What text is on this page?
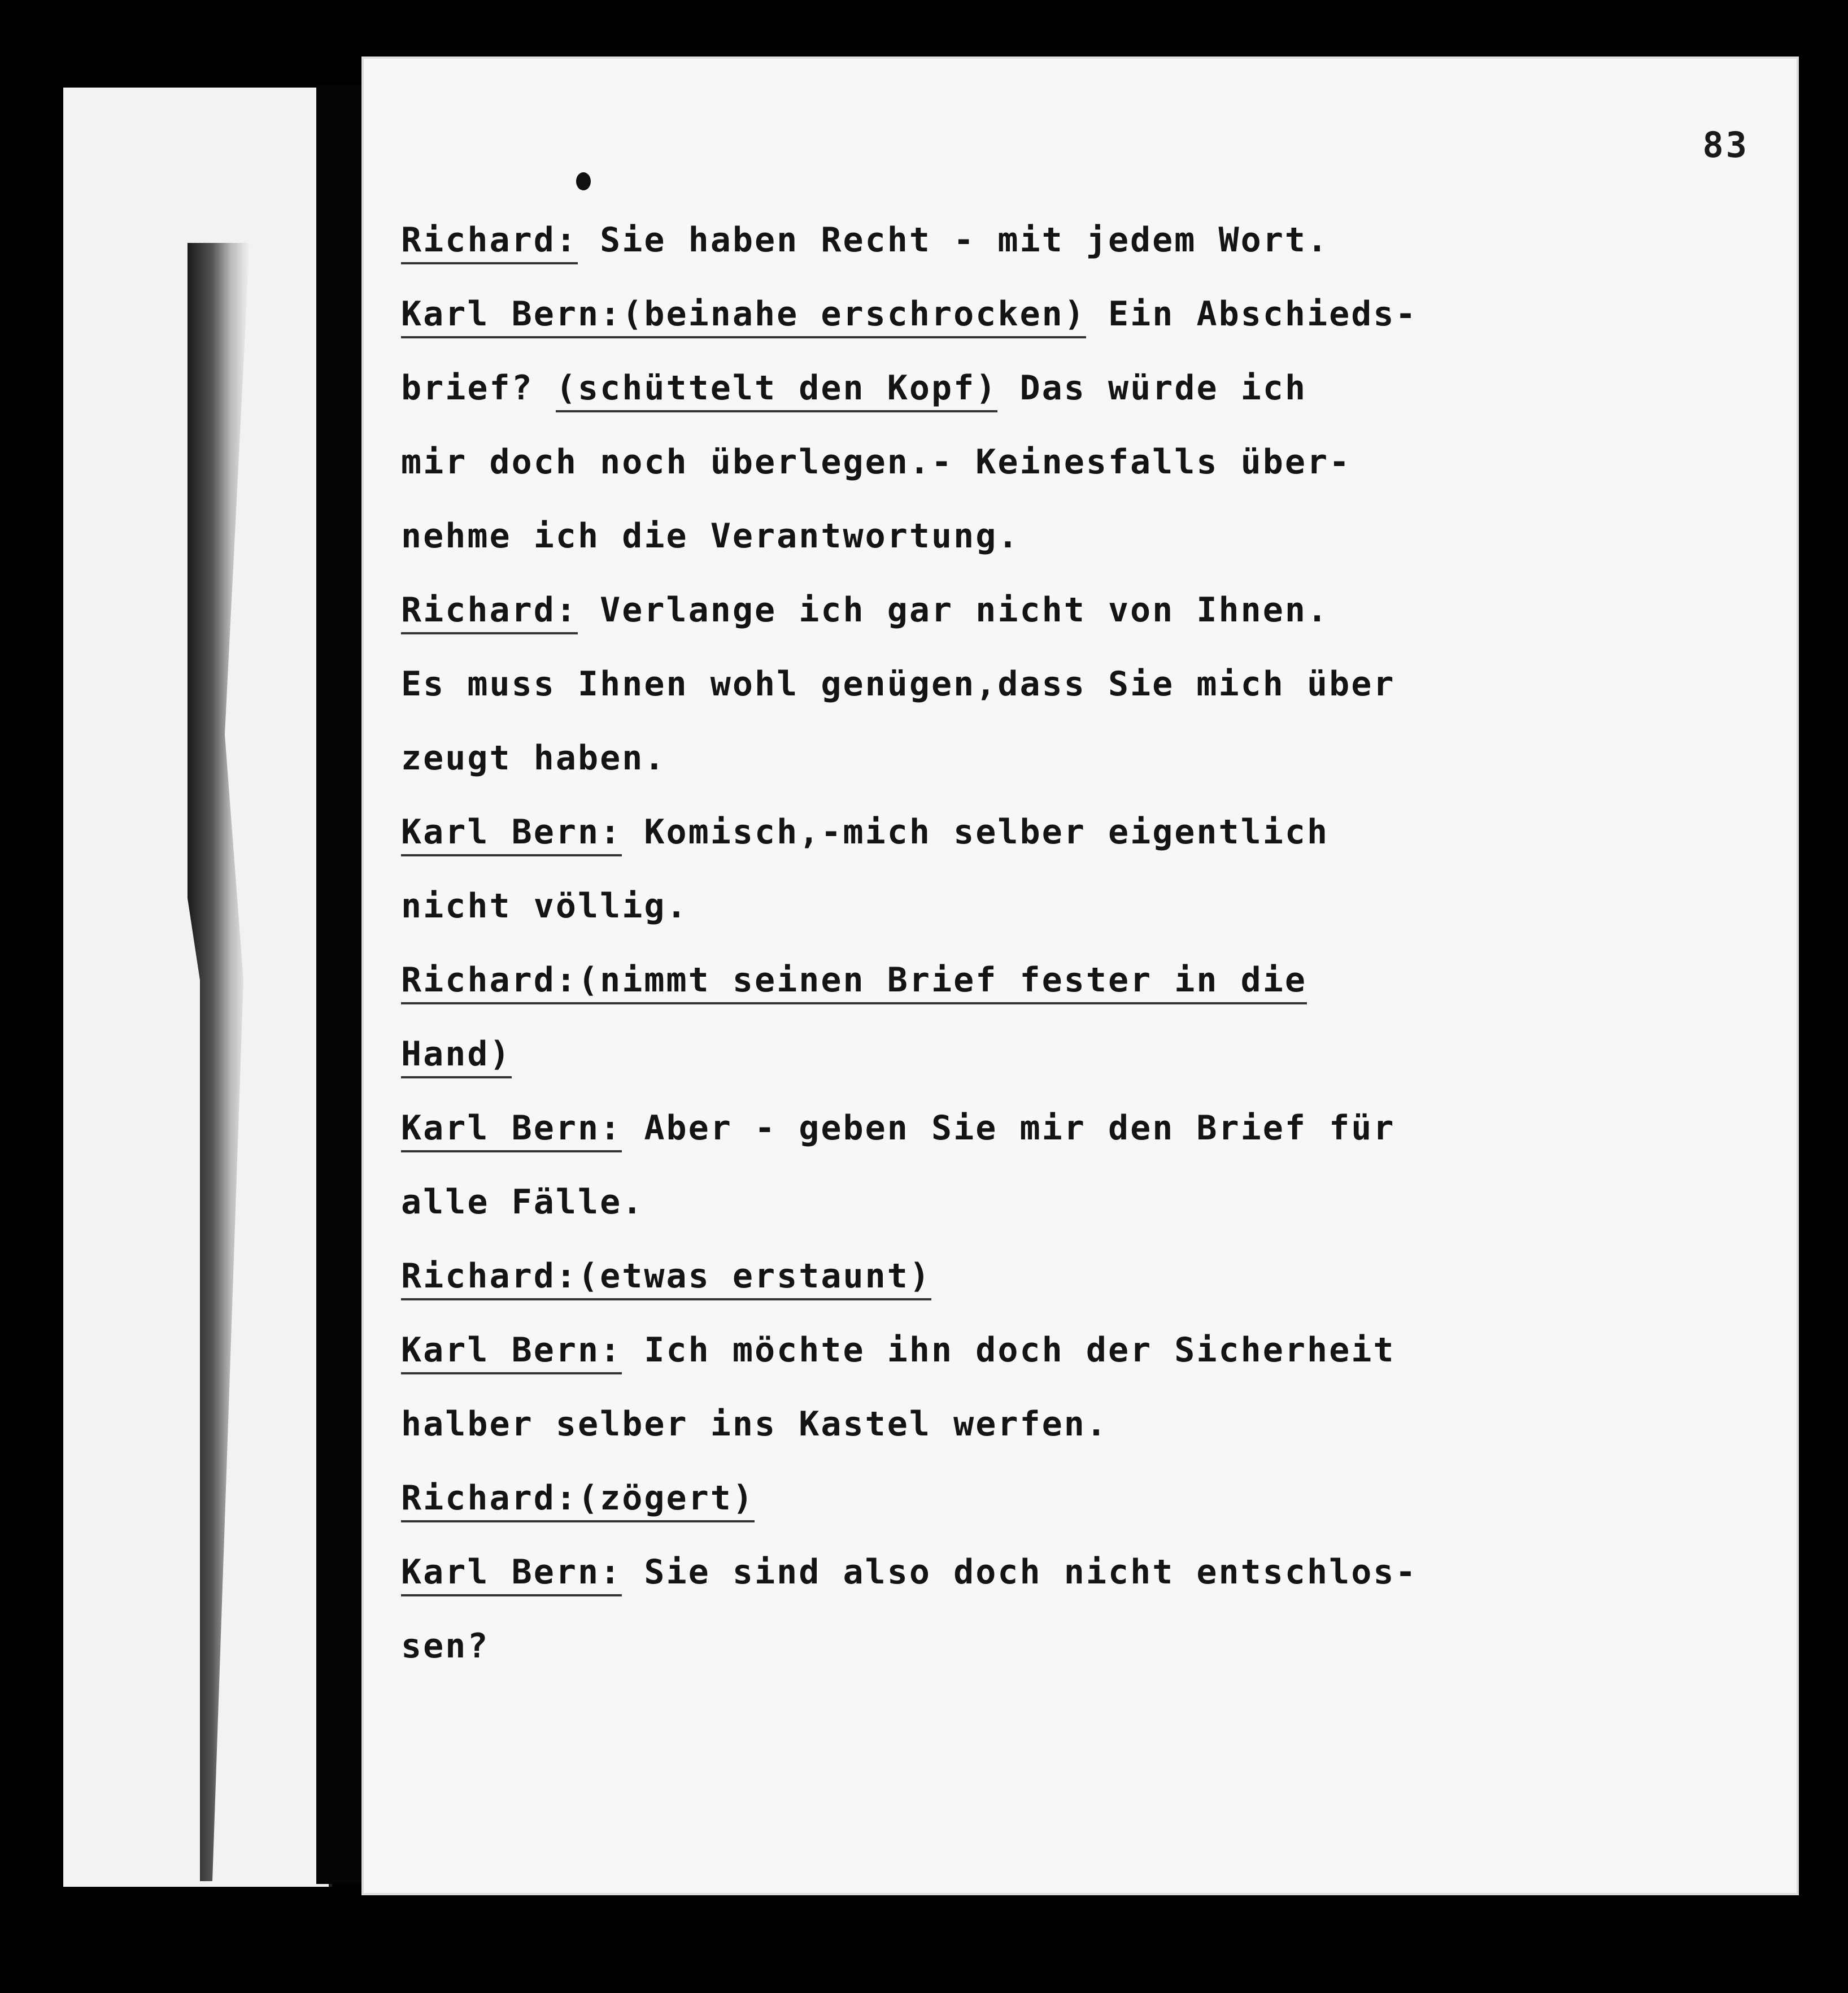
83

Richard: Sie haben Recht - mit jedem Wort.

Karl Bern:(beinahe erschrocken) Ein Abschieds-

brief? (schüttelt den Kopf) Das würde ich

mir doch noch überlegen.- Keinesfalls über-

nehme ich die Verantwortung.

Richard: Verlange ich gar nicht von Ihnen.

Es muss Ihnen wohl genügen,dass Sie mich über

zeugt haben.

Karl Bern: Komisch,-mich selber eigentlich

nicht völlig.

Richard:(nimmt seinen Brief fester in die

Hand)

Karl Bern: Aber - geben Sie mir den Brief für

alle Fälle.

Richard:(etwas erstaunt)

Karl Bern: Ich möchte ihn doch der Sicherheit

halber selber ins Kastel werfen.

Richard:(zögert)

Karl Bern: Sie sind also doch nicht entschlos-

sen?
